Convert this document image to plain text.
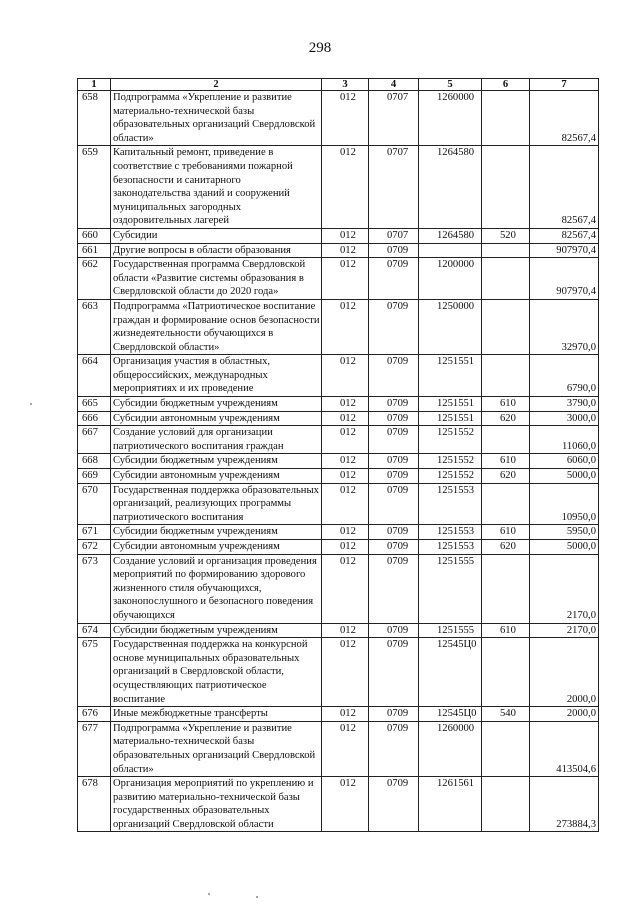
298
1	2	3	4	5	6	7
658	Подпрограмма «Укрепление и развитие материально-технической базы образовательных организаций Свердловской области»	012	0707	1260000		82567,4
659	Капитальный ремонт, приведение в соответствие с требованиями пожарной безопасности и санитарного законодательства зданий и сооружений муниципальных загородных оздоровительных лагерей	012	0707	1264580		82567,4
660	Субсидии	012	0707	1264580	520	82567,4
661	Другие вопросы в области образования	012	0709			907970,4
662	Государственная программа Свердловской области «Развитие системы образования в Свердловской области до 2020 года»	012	0709	1200000		907970,4
663	Подпрограмма «Патриотическое воспитание граждан и формирование основ безопасности жизнедеятельности обучающихся в Свердловской области»	012	0709	1250000		32970,0
664	Организация участия в областных, общероссийских, международных мероприятиях и их проведение	012	0709	1251551		6790,0
665	Субсидии бюджетным учреждениям	012	0709	1251551	610	3790,0
666	Субсидии автономным учреждениям	012	0709	1251551	620	3000,0
667	Создание условий для организации патриотического воспитания граждан	012	0709	1251552		11060,0
668	Субсидии бюджетным учреждениям	012	0709	1251552	610	6060,0
669	Субсидии автономным учреждениям	012	0709	1251552	620	5000,0
670	Государственная поддержка образовательных организаций, реализующих программы патриотического воспитания	012	0709	1251553		10950,0
671	Субсидии бюджетным учреждениям	012	0709	1251553	610	5950,0
672	Субсидии автономным учреждениям	012	0709	1251553	620	5000,0
673	Создание условий и организация проведения мероприятий по формированию здорового жизненного стиля обучающихся, законопослушного и безопасного поведения обучающихся	012	0709	1251555		2170,0
674	Субсидии бюджетным учреждениям	012	0709	1251555	610	2170,0
675	Государственная поддержка на конкурсной основе муниципальных образовательных организаций в Свердловской области, осуществляющих патриотическое воспитание	012	0709	12545Ц0		2000,0
676	Иные межбюджетные трансферты	012	0709	12545Ц0	540	2000,0
677	Подпрограмма «Укрепление и развитие материально-технической базы образовательных организаций Свердловской области»	012	0709	1260000		413504,6
678	Организация мероприятий по укреплению и развитию материально-технической базы государственных образовательных организаций Свердловской области	012	0709	1261561		273884,3
